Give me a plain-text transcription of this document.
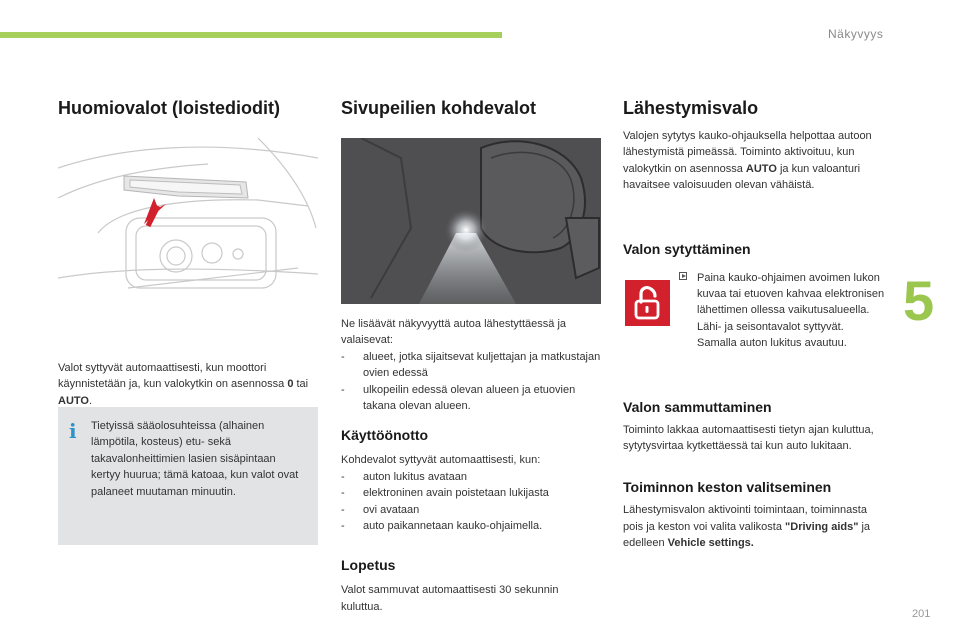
Näkyvyys
5
201
Huomiovalot (loistediodit)

Valot syttyvät automaattisesti, kun moottori käynnistetään ja, kun valokytkin on asennossa 0 tai AUTO.

i Tietyissä sääolosuhteissa (alhainen lämpötila, kosteus) etu- sekä takavalonheittimien lasien sisäpintaan kertyy huurua; tämä katoaa, kun valot ovat palaneet muutaman minuutin.
Sivupeilien kohdevalot

Ne lisäävät näkyvyyttä autoa lähestyttäessä ja valaisevat:

- alueet, jotka sijaitsevat kuljettajan ja matkustajan ovien edessä
- ulkopeilin edessä olevan alueen ja etuovien takana olevan alueen.
Käyttöönotto

Kohdevalot syttyvät automaattisesti, kun:

- auton lukitus avataan
- elektroninen avain poistetaan lukijasta
- ovi avataan
- auto paikannetaan kauko-ohjaimella.
Lopetus

Valot sammuvat automaattisesti 30 sekunnin kuluttua.

Lähestymisvalo

Valojen sytytys kauko-ohjauksella helpottaa autoon lähestymistä pimeässä. Toiminto aktivoituu, kun valokytkin on asennossa AUTO ja kun valoanturi havaitsee valoisuuden olevan vähäistä.

Valon sytyttäminen

Paina kauko-ohjaimen avoimen lukon kuvaa tai etuoven kahvaa elektronisen lähettimen ollessa vaikutusalueella.

Lähi- ja seisontavalot syttyvät. Samalla auton lukitus avautuu.

Valon sammuttaminen

Toiminto lakkaa automaattisesti tietyn ajan kuluttua, sytytysvirtaa kytkettäessä tai kun auto lukitaan.

Toiminnon keston valitseminen

Lähestymisvalon aktivointi toimintaan, toiminnasta pois ja keston voi valita valikosta "Driving aids" ja edelleen Vehicle settings.
